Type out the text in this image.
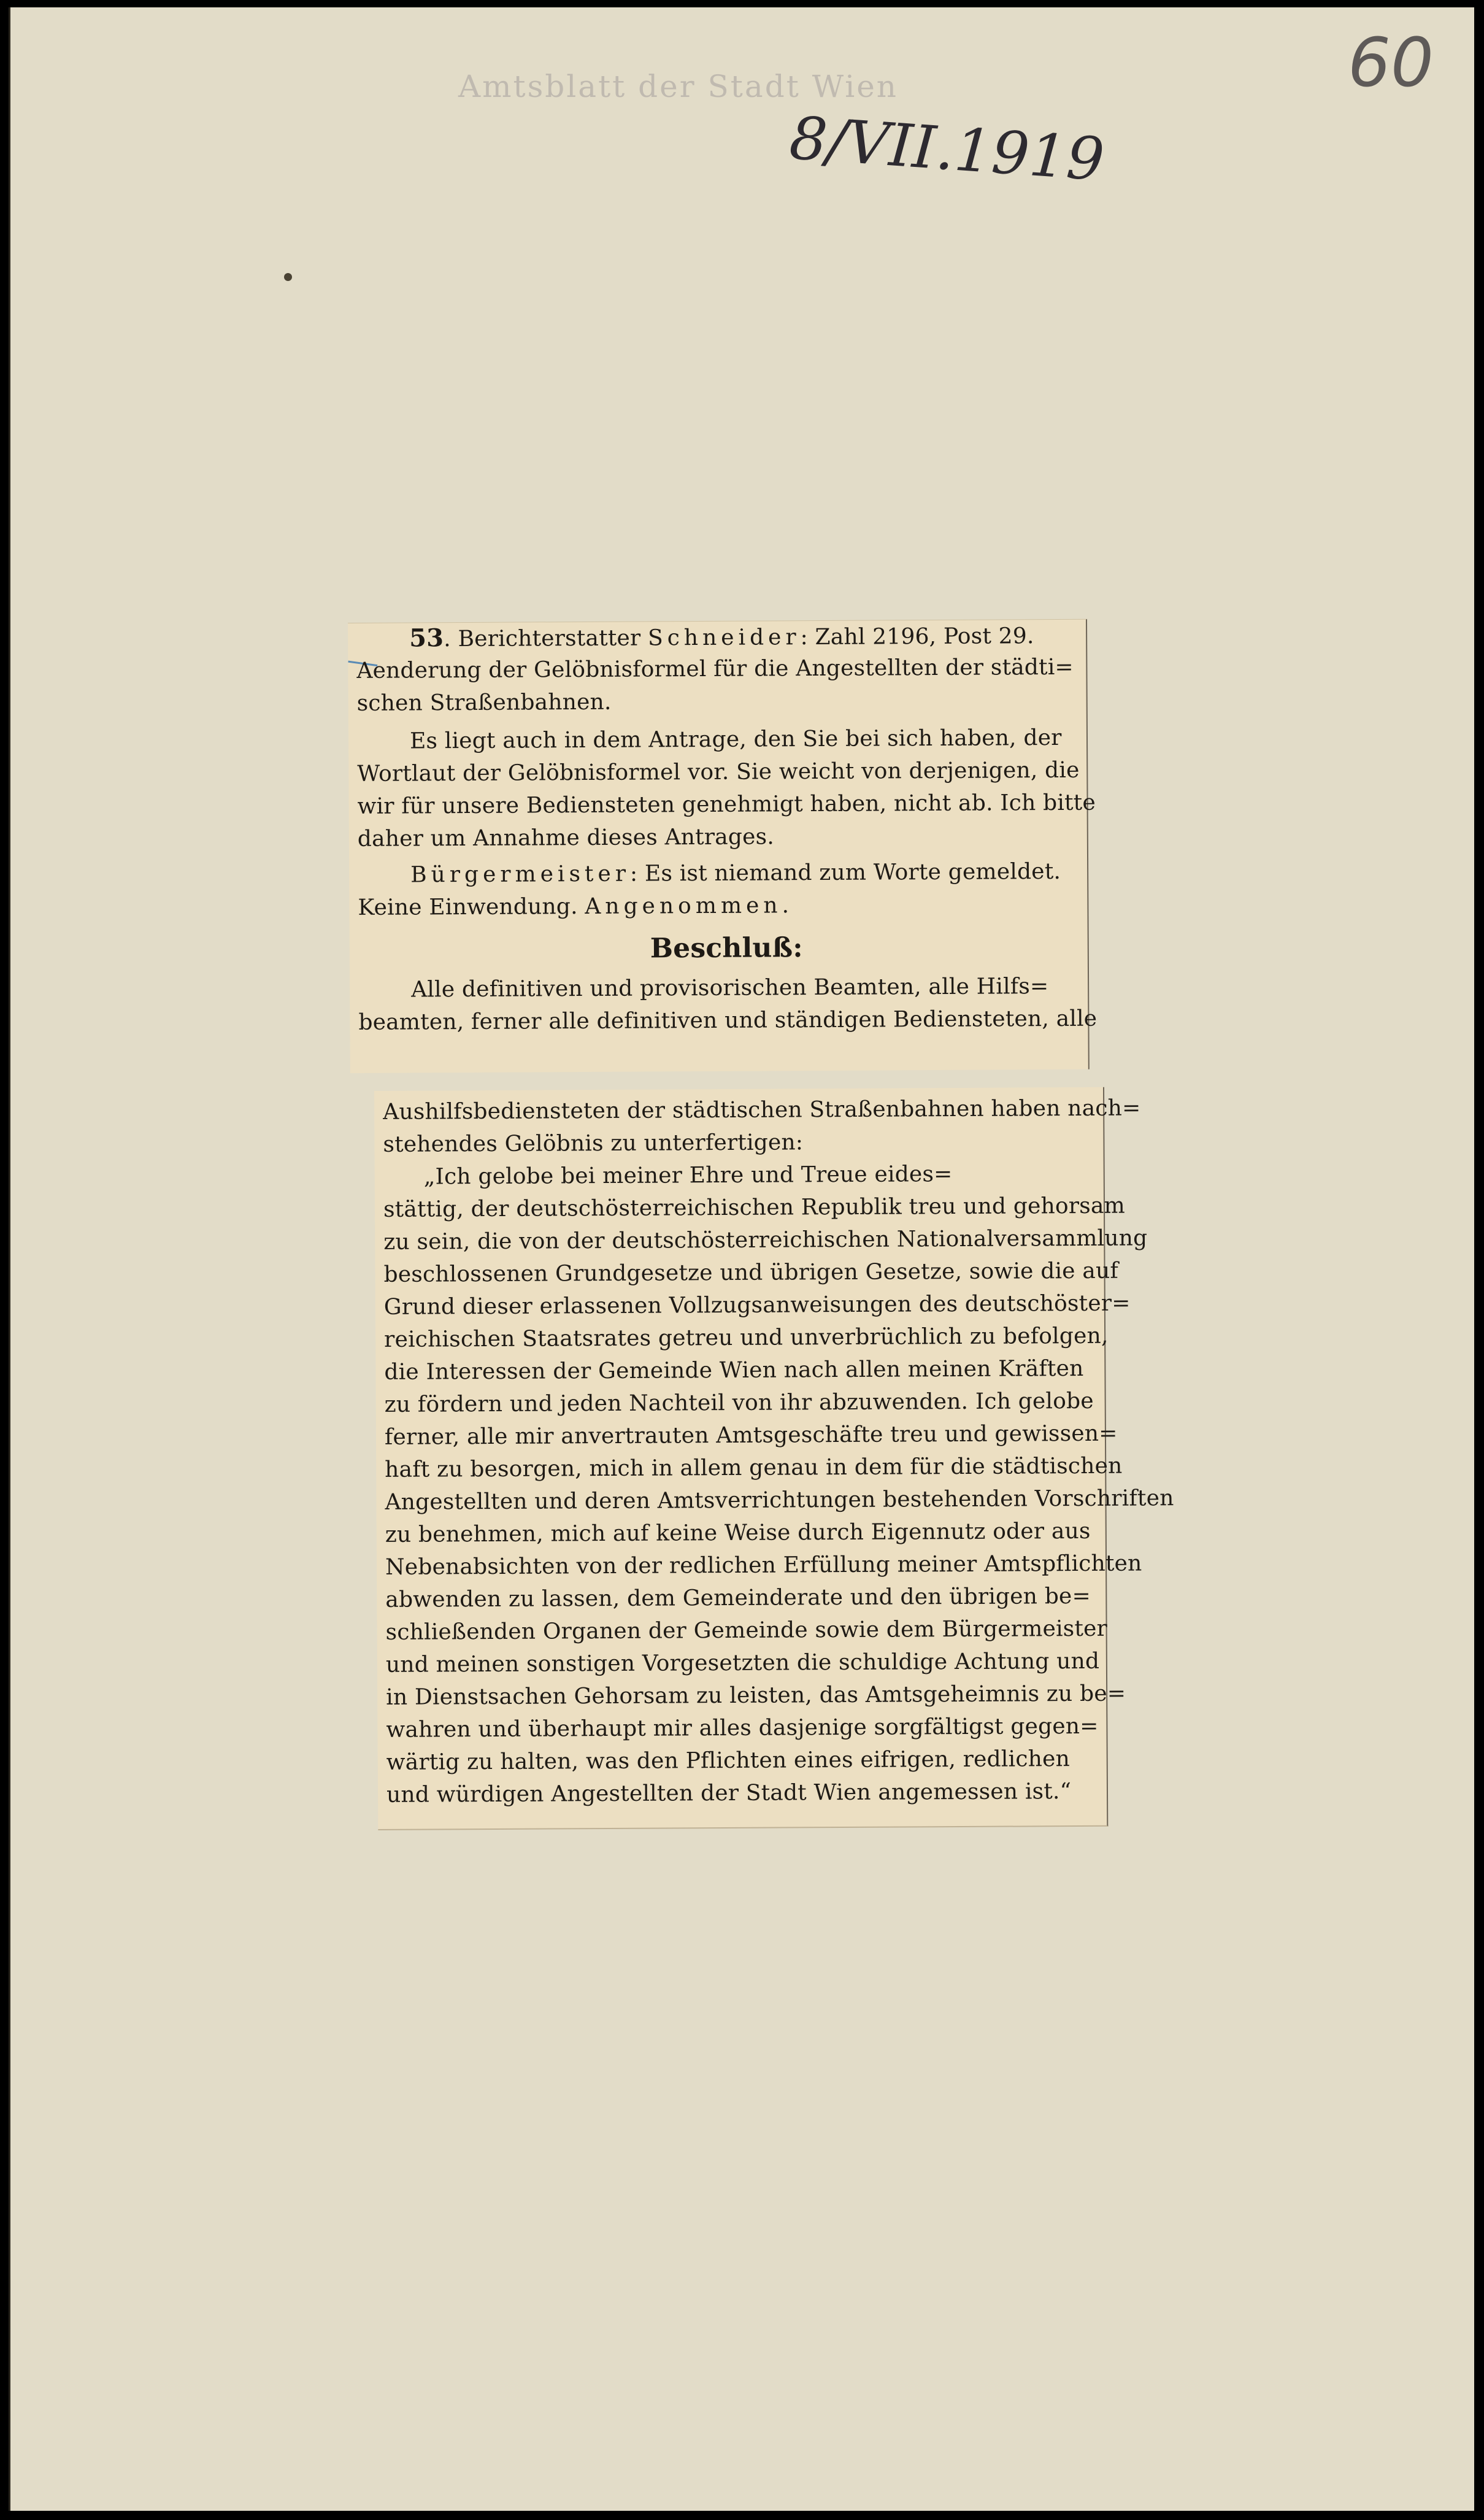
Amtsblatt der Stadt Wien
8/VII.1919
60
53. Berichterstatter Schneider: Zahl 2196, Post 29.
Aenderung der Gelöbnisformel für die Angestellten der städti=
schen Straßenbahnen.
Es liegt auch in dem Antrage, den Sie bei sich haben, der
Wortlaut der Gelöbnisformel vor. Sie weicht von derjenigen, die
wir für unsere Bediensteten genehmigt haben, nicht ab. Ich bitte
daher um Annahme dieses Antrages.
Bürgermeister: Es ist niemand zum Worte gemeldet.
Keine Einwendung. Angenommen.
Beschluß:
Alle definitiven und provisorischen Beamten, alle Hilfs=
beamten, ferner alle definitiven und ständigen Bediensteten, alle
Aushilfsbediensteten der städtischen Straßenbahnen haben nach=
stehendes Gelöbnis zu unterfertigen:
„Ich gelobe bei meiner Ehre und Treue eides=
stättig, der deutschösterreichischen Republik treu und gehorsam
zu sein, die von der deutschösterreichischen Nationalversammlung
beschlossenen Grundgesetze und übrigen Gesetze, sowie die auf
Grund dieser erlassenen Vollzugsanweisungen des deutschöster=
reichischen Staatsrates getreu und unverbrüchlich zu befolgen,
die Interessen der Gemeinde Wien nach allen meinen Kräften
zu fördern und jeden Nachteil von ihr abzuwenden. Ich gelobe
ferner, alle mir anvertrauten Amtsgeschäfte treu und gewissen=
haft zu besorgen, mich in allem genau in dem für die städtischen
Angestellten und deren Amtsverrichtungen bestehenden Vorschriften
zu benehmen, mich auf keine Weise durch Eigennutz oder aus
Nebenabsichten von der redlichen Erfüllung meiner Amtspflichten
abwenden zu lassen, dem Gemeinderate und den übrigen be=
schließenden Organen der Gemeinde sowie dem Bürgermeister
und meinen sonstigen Vorgesetzten die schuldige Achtung und
in Dienstsachen Gehorsam zu leisten, das Amtsgeheimnis zu be=
wahren und überhaupt mir alles dasjenige sorgfältigst gegen=
wärtig zu halten, was den Pflichten eines eifrigen, redlichen
und würdigen Angestellten der Stadt Wien angemessen ist.“
